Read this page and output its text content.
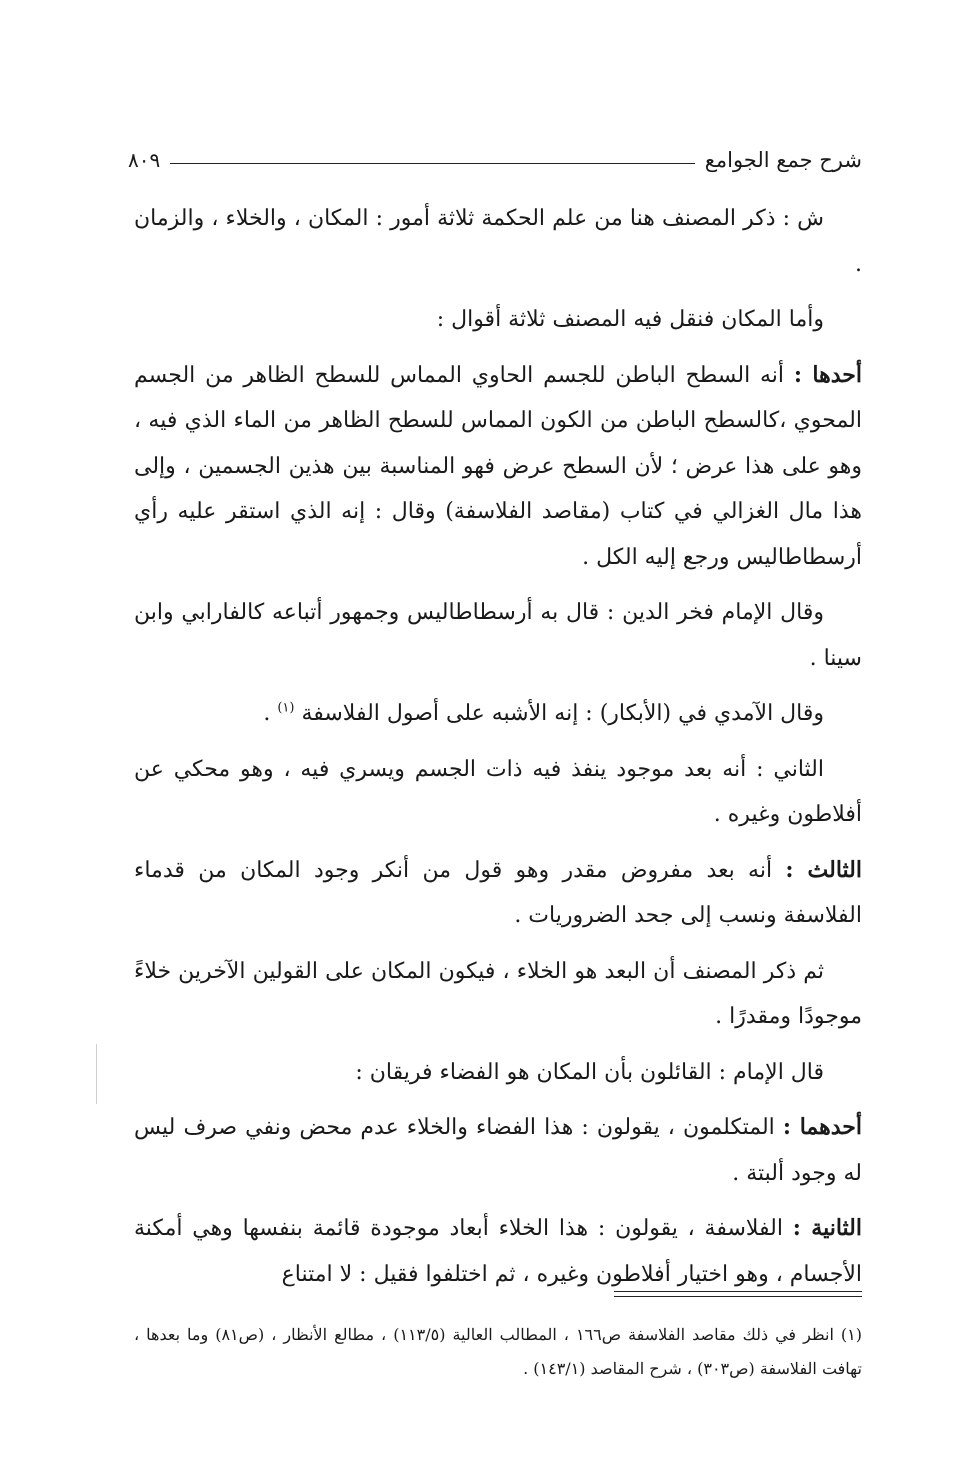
شرح جمع الجوامع
٨٠٩

ش : ذكر المصنف هنا من علم الحكمة ثلاثة أمور : المكان ، والخلاء ، والزمان .

وأما المكان فنقل فيه المصنف ثلاثة أقوال :

أحدها : أنه السطح الباطن للجسم الحاوي المماس للسطح الظاهر من الجسم المحوي ،كالسطح الباطن من الكون المماس للسطح الظاهر من الماء الذي فيه ، وهو على هذا عرض ؛ لأن السطح عرض فهو المناسبة بين هذين الجسمين ، وإلى هذا مال الغزالي في كتاب (مقاصد الفلاسفة) وقال : إنه الذي استقر عليه رأي أرسطاطاليس ورجع إليه الكل .

وقال الإمام فخر الدين : قال به أرسطاطاليس وجمهور أتباعه كالفارابي وابن سينا .

وقال الآمدي في (الأبكار) : إنه الأشبه على أصول الفلاسفة $^{(١)}$ .

الثاني : أنه بعد موجود ينفذ فيه ذات الجسم ويسري فيه ، وهو محكي عن أفلاطون وغيره .

الثالث : أنه بعد مفروض مقدر وهو قول من أنكر وجود المكان من قدماء الفلاسفة ونسب إلى جحد الضروريات .

ثم ذكر المصنف أن البعد هو الخلاء ، فيكون المكان على القولين الآخرين خلاءً موجودًا ومقدرًا .

قال الإمام : القائلون بأن المكان هو الفضاء فريقان :

أحدهما : المتكلمون ، يقولون : هذا الفضاء والخلاء عدم محض ونفي صرف ليس له وجود ألبتة .

الثانية : الفلاسفة ، يقولون : هذا الخلاء أبعاد موجودة قائمة بنفسها وهي أمكنة الأجسام ، وهو اختيار أفلاطون وغيره ، ثم اختلفوا فقيل : لا امتناع

(١) انظر في ذلك مقاصد الفلاسفة ص١٦٦ ، المطالب العالية (١١٣/٥) ، مطالع الأنظار ، (ص٨١) وما بعدها ، تهافت الفلاسفة (ص٣٠٣) ، شرح المقاصد (١٤٣/١) .
